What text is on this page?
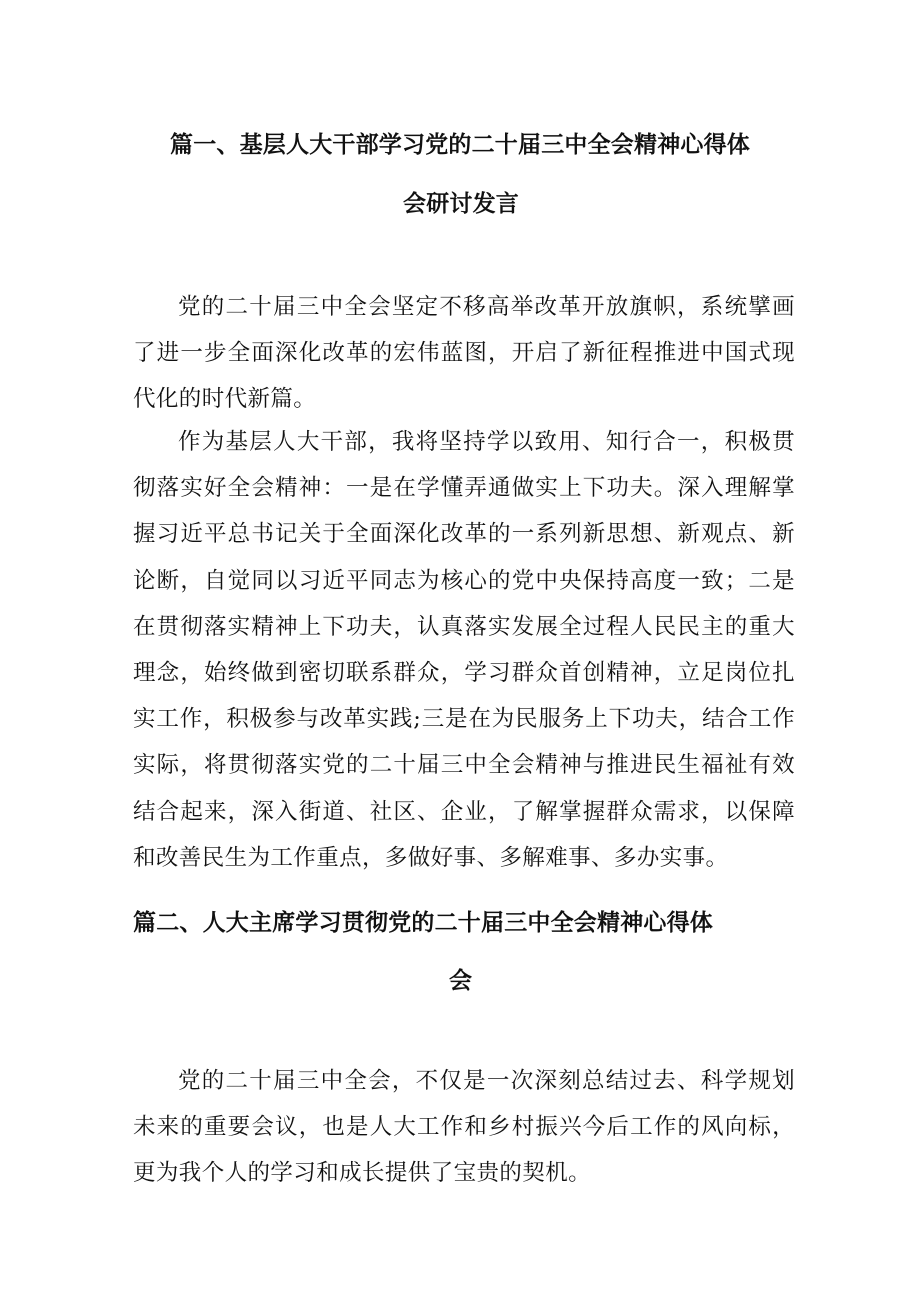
篇一、基层人大干部学习党的二十届三中全会精神心得体
会研讨发言

党的二十届三中全会坚定不移高举改革开放旗帜，系统擘画了进一步全面深化改革的宏伟蓝图，开启了新征程推进中国式现代化的时代新篇。

作为基层人大干部，我将坚持学以致用、知行合一，积极贯彻落实好全会精神：一是在学懂弄通做实上下功夫。深入理解掌握习近平总书记关于全面深化改革的一系列新思想、新观点、新论断，自觉同以习近平同志为核心的党中央保持高度一致；二是在贯彻落实精神上下功夫，认真落实发展全过程人民民主的重大理念，始终做到密切联系群众，学习群众首创精神，立足岗位扎实工作，积极参与改革实践;三是在为民服务上下功夫，结合工作实际，将贯彻落实党的二十届三中全会精神与推进民生福祉有效结合起来，深入街道、社区、企业，了解掌握群众需求，以保障和改善民生为工作重点，多做好事、多解难事、多办实事。

篇二、人大主席学习贯彻党的二十届三中全会精神心得体
会

党的二十届三中全会，不仅是一次深刻总结过去、科学规划未来的重要会议，也是人大工作和乡村振兴今后工作的风向标，更为我个人的学习和成长提供了宝贵的契机。
